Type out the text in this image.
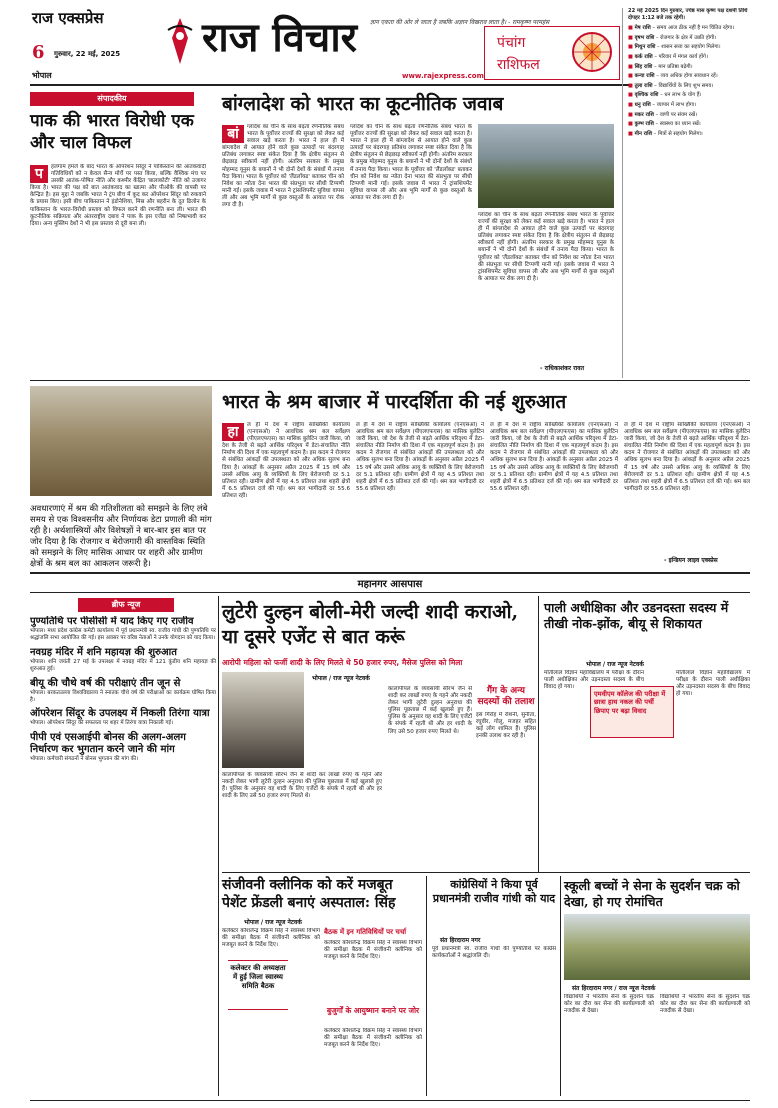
राज एक्सप्रेस
6 गुरुवार, 22 मई, 2025
भोपाल
राज विचार ज्ञान एकता की ओर ले जाता है जबकि अज्ञान विखराव लाता है। - रामकृष्ण परमहंस
www.rajexpress.com
पंचांग
राशिफल

22 मई 2025 दिन गुरुवार, ज्येष्ठ मास कृष्ण पक्ष दशमी तिथि दोपहर 1:12 बजे तक रहेगी।

■ मेष राशि – समय आज ठीक नहीं है मन चिंतित रहेगा।

■ वृषभ राशि – रोजगार के क्षेत्र में उन्नति होगी।

■ मिथुन राशि – शासन सत्ता का सहयोग मिलेगा।

■ कर्क राशि – परिवार में मंगल कार्य होंगे।

■ सिंह राशि – मान प्रतिष्ठा बढ़ेगी।

■ कन्या राशि – व्यय अधिक होगा सावधान रहें।

■ तुला राशि – विद्यार्थियों के लिए शुभ समय।

■ वृश्चिक राशि – धन लाभ के योग हैं।

■ धनु राशि – व्यापार में लाभ होगा।

■ मकर राशि – वाणी पर संयम रखें।

■ कुम्भ राशि – स्वास्थ्य का ध्यान रखें।

■ मीन राशि – मित्रों से सहयोग मिलेगा।

संपादकीय
पाक की भारत विरोधी एक और चाल विफल
प	हलगाम हमले के बाद भारत के ऑपरेशन सिंदूर ने पाकिस्तान की आतंकवादी गतिविधियों को न केवल सैन्य मोर्चे पर पस्त किया, बल्कि वैश्विक मंच पर उसकी आतंक-पोषित नीति और कश्मीर केंद्रित 'बालाकोटी' नीति को उजागर किया है। भारत की पक्ष को बात आतंकवाद का खात्मा और पीओके की वापसी पर केन्द्रित है। इस मुद्दा ने जबकि भारत ने ट्रंप बीच में कूद कर ऑपरेशन सिंदूर को रुकवाने के प्रयास किए। इसी बीच पाकिस्तान ने इंडोनेशिया, मिस्र और बहरीन के दूत ढिलोन के पाकिस्तान के भारत-विरोधी प्रस्ताव को विफल करने की रणनीति बना ली। भारत की कूटनीतिक सक्रियता और अंतरराष्ट्रीय दबाव ने पाक के इस एजेंडा को निष्प्रभावी कर दिया। अन्य मुस्लिम देशों ने भी इस प्रस्ताव से दूरी बना ली।
बांग्लादेश को भारत का कूटनीतिक जवाब
बां	ग्लादेश का चीन के साथ बढ़ता रणनीतिक संबंध भारत के पूर्वोत्तर राज्यों की सुरक्षा को लेकर कई सवाल खड़े करता है। भारत ने हाल ही में बांग्लादेश से आयात होने वाले कुछ उत्पादों पर बंदरगाह प्रतिबंध लगाकर स्पष्ट संकेत दिया है कि क्षेत्रीय संतुलन से छेड़छाड़ स्वीकार्य नहीं होगी। अंतरिम सरकार के प्रमुख मोहम्मद यूनुस के बयानों ने भी दोनों देशों के संबंधों में तनाव पैदा किया। भारत के पूर्वोत्तर को 'लैंडलॉक्ड' बताकर चीन को निवेश का न्योता देना भारत की संप्रभुता पर सीधी टिप्पणी मानी गई। इसके जवाब में भारत ने ट्रांसशिपमेंट सुविधा वापस ली और अब भूमि मार्गों से कुछ वस्तुओं के आयात पर रोक लगा दी है।
ग्लादेश का चीन के साथ बढ़ता रणनीतिक संबंध भारत के पूर्वोत्तर राज्यों की सुरक्षा को लेकर कई सवाल खड़े करता है। भारत ने हाल ही में बांग्लादेश से आयात होने वाले कुछ उत्पादों पर बंदरगाह प्रतिबंध लगाकर स्पष्ट संकेत दिया है कि क्षेत्रीय संतुलन से छेड़छाड़ स्वीकार्य नहीं होगी। अंतरिम सरकार के प्रमुख मोहम्मद यूनुस के बयानों ने भी दोनों देशों के संबंधों में तनाव पैदा किया। भारत के पूर्वोत्तर को 'लैंडलॉक्ड' बताकर चीन को निवेश का न्योता देना भारत की संप्रभुता पर सीधी टिप्पणी मानी गई। इसके जवाब में भारत ने ट्रांसशिपमेंट सुविधा वापस ली और अब भूमि मार्गों से कुछ वस्तुओं के आयात पर रोक लगा दी है।
ग्लादेश का चीन के साथ बढ़ता रणनीतिक संबंध भारत के पूर्वोत्तर राज्यों की सुरक्षा को लेकर कई सवाल खड़े करता है। भारत ने हाल ही में बांग्लादेश से आयात होने वाले कुछ उत्पादों पर बंदरगाह प्रतिबंध लगाकर स्पष्ट संकेत दिया है कि क्षेत्रीय संतुलन से छेड़छाड़ स्वीकार्य नहीं होगी। अंतरिम सरकार के प्रमुख मोहम्मद यूनुस के बयानों ने भी दोनों देशों के संबंधों में तनाव पैदा किया। भारत के पूर्वोत्तर को 'लैंडलॉक्ड' बताकर चीन को निवेश का न्योता देना भारत की संप्रभुता पर सीधी टिप्पणी मानी गई। इसके जवाब में भारत ने ट्रांसशिपमेंट सुविधा वापस ली और अब भूमि मार्गों से कुछ वस्तुओं के आयात पर रोक लगा दी है।
- राधिकाशंकर रावत
भारत के श्रम बाजार में पारदर्शिता की नई शुरुआत
अवधारणाएं में श्रम की गतिशीलता को समझने के लिए लंबे समय से एक विश्वसनीय और निर्णायक डेटा प्रणाली की मांग रही है। अर्थशास्त्रियों और विशेषज्ञों ने बार-बार इस बात पर जोर दिया है कि रोजगार व बेरोजगारी की वास्तविक स्थिति को समझने के लिए मासिक आधार पर शहरी और ग्रामीण क्षेत्रों के श्रम बल का आकलन जरूरी है।
हा	ल ही में देश में राष्ट्रीय सांख्यिकी कार्यालय (एनएसओ) ने आवधिक श्रम बल सर्वेक्षण (पीएलएफएस) का मासिक बुलेटिन जारी किया, जो देश के तेजी से बढ़ते आर्थिक परिदृश्य में डेटा-संचालित नीति निर्माण की दिशा में एक महत्वपूर्ण कदम है। इस कदम ने रोजगार से संबंधित आंकड़ों की उपलब्धता को और अधिक सुलभ बना दिया है। आंकड़ों के अनुसार अप्रैल 2025 में 15 वर्ष और उससे अधिक आयु के व्यक्तियों के लिए बेरोजगारी दर 5.1 प्रतिशत रही। ग्रामीण क्षेत्रों में यह 4.5 प्रतिशत तथा शहरी क्षेत्रों में 6.5 प्रतिशत दर्ज की गई। श्रम बल भागीदारी दर 55.6 प्रतिशत रही।
ल ही में देश में राष्ट्रीय सांख्यिकी कार्यालय (एनएसओ) ने आवधिक श्रम बल सर्वेक्षण (पीएलएफएस) का मासिक बुलेटिन जारी किया, जो देश के तेजी से बढ़ते आर्थिक परिदृश्य में डेटा-संचालित नीति निर्माण की दिशा में एक महत्वपूर्ण कदम है। इस कदम ने रोजगार से संबंधित आंकड़ों की उपलब्धता को और अधिक सुलभ बना दिया है। आंकड़ों के अनुसार अप्रैल 2025 में 15 वर्ष और उससे अधिक आयु के व्यक्तियों के लिए बेरोजगारी दर 5.1 प्रतिशत रही। ग्रामीण क्षेत्रों में यह 4.5 प्रतिशत तथा शहरी क्षेत्रों में 6.5 प्रतिशत दर्ज की गई। श्रम बल भागीदारी दर 55.6 प्रतिशत रही।
ल ही में देश में राष्ट्रीय सांख्यिकी कार्यालय (एनएसओ) ने आवधिक श्रम बल सर्वेक्षण (पीएलएफएस) का मासिक बुलेटिन जारी किया, जो देश के तेजी से बढ़ते आर्थिक परिदृश्य में डेटा-संचालित नीति निर्माण की दिशा में एक महत्वपूर्ण कदम है। इस कदम ने रोजगार से संबंधित आंकड़ों की उपलब्धता को और अधिक सुलभ बना दिया है। आंकड़ों के अनुसार अप्रैल 2025 में 15 वर्ष और उससे अधिक आयु के व्यक्तियों के लिए बेरोजगारी दर 5.1 प्रतिशत रही। ग्रामीण क्षेत्रों में यह 4.5 प्रतिशत तथा शहरी क्षेत्रों में 6.5 प्रतिशत दर्ज की गई। श्रम बल भागीदारी दर 55.6 प्रतिशत रही।
ल ही में देश में राष्ट्रीय सांख्यिकी कार्यालय (एनएसओ) ने आवधिक श्रम बल सर्वेक्षण (पीएलएफएस) का मासिक बुलेटिन जारी किया, जो देश के तेजी से बढ़ते आर्थिक परिदृश्य में डेटा-संचालित नीति निर्माण की दिशा में एक महत्वपूर्ण कदम है। इस कदम ने रोजगार से संबंधित आंकड़ों की उपलब्धता को और अधिक सुलभ बना दिया है। आंकड़ों के अनुसार अप्रैल 2025 में 15 वर्ष और उससे अधिक आयु के व्यक्तियों के लिए बेरोजगारी दर 5.1 प्रतिशत रही। ग्रामीण क्षेत्रों में यह 4.5 प्रतिशत तथा शहरी क्षेत्रों में 6.5 प्रतिशत दर्ज की गई। श्रम बल भागीदारी दर 55.6 प्रतिशत रही।
- इन्डियन लाइव एक्स्प्रेस
महानगर आसपास
ब्रीफ न्यूज
पुण्यतिथि पर पीसीसी में याद किए गए राजीव

भोपाल। मध्य प्रदेश कांग्रेस कमेटी कार्यालय में पूर्व प्रधानमंत्री स्व. राजीव गांधी की पुण्यतिथि पर श्रद्धांजलि सभा आयोजित की गई। इस अवसर पर वरिष्ठ नेताओं ने उनके योगदान को याद किया।

नवग्रह मंदिर में शनि महायज्ञ की शुरुआत

भोपाल। शनि जयंती 27 मई के उपलक्ष्य में नवग्रह मंदिर में 121 कुंडीय शनि महायज्ञ की शुरुआत हुई।

बीयू की चौथे वर्ष की परीक्षाएं तीन जून से

भोपाल। बरकतउल्ला विश्वविद्यालय ने स्नातक चौथे वर्ष की परीक्षाओं का कार्यक्रम घोषित किया है।

ऑपरेशन सिंदूर के उपलक्ष्य में निकली तिरंगा यात्रा

भोपाल। ऑपरेशन सिंदूर की सफलता पर शहर में तिरंगा यात्रा निकाली गई।

पीपी एवं एसआईपी बोनस की अलग-अलग निर्धारण कर भुगतान करने जाने की मांग

भोपाल। कर्मचारी संगठनों ने बोनस भुगतान की मांग की।

लुटेरी दुल्हन बोली-मेरी जल्दी शादी कराओ, या दूसरे एजेंट से बात करूं
आरोपी महिला को फर्जी शादी के लिए मिलते थे 50 हजार रुपए, मैसेज पुलिस को मिला
भोपाल / राज न्यूज नेटवर्क
कालापीपल के व्यवसायी सौरभ जैन से शादी कर लाखों रुपए के गहने और नकदी लेकर भागी लुटेरी दुल्हन अनुराधा की पुलिस पूछताछ में कई खुलासे हुए हैं। पुलिस के अनुसार वह शादी के लिए एजेंटों के संपर्क में रहती थी और हर शादी के लिए उसे 50 हजार रुपए मिलते थे।
कालापीपल के व्यवसायी सौरभ जैन से शादी कर लाखों रुपए के गहने और नकदी लेकर भागी लुटेरी दुल्हन अनुराधा की पुलिस पूछताछ में कई खुलासे हुए हैं। पुलिस के अनुसार वह शादी के लिए एजेंटों के संपर्क में रहती थी और हर शादी के लिए उसे 50 हजार रुपए मिलते थे।
गैंग के अन्य सदस्यों की तलाश
इस गिरोह में रोशनी, सुनीता, रघुवीर, गोलू, मजहर सहित कई लोग शामिल हैं। पुलिस इनकी तलाश कर रही है।
पाली अधीक्षिका और उडनदस्ता सदस्य में तीखी नोक-झोंक, बीयू से शिकायत
भोपाल / राज न्यूज नेटवर्क
मोतीलाल विज्ञान महाविद्यालय में परीक्षा के दौरान पाली अधीक्षिका और उड़नदस्ता सदस्य के बीच विवाद हो गया।
एमवीएम कॉलेज की परीक्षा में छात्रा हाथ नकल की पर्ची छिपाए पर बढ़ा विवाद
मोतीलाल विज्ञान महाविद्यालय में परीक्षा के दौरान पाली अधीक्षिका और उड़नदस्ता सदस्य के बीच विवाद हो गया।
संजीवनी क्लीनिक को करें मजबूत पेशेंट फ्रेंडली बनाएं अस्पताल: सिंह
भोपाल / राज न्यूज नेटवर्क
कलेक्टर कौशलेन्द्र विक्रम सिंह ने स्वास्थ्य विभाग की समीक्षा बैठक में संजीवनी क्लीनिक को मजबूत करने के निर्देश दिए।
कलेक्टर की अध्यक्षता में हुई जिला स्वास्थ्य समिति बैठक
बैठक में इन गतिविधियों पर चर्चा
कलेक्टर कौशलेन्द्र विक्रम सिंह ने स्वास्थ्य विभाग की समीक्षा बैठक में संजीवनी क्लीनिक को मजबूत करने के निर्देश दिए।
बुजुर्गों के आयुष्मान बनाने पर जोर
कलेक्टर कौशलेन्द्र विक्रम सिंह ने स्वास्थ्य विभाग की समीक्षा बैठक में संजीवनी क्लीनिक को मजबूत करने के निर्देश दिए।
कांग्रेसियों ने किया पूर्व प्रधानमंत्री राजीव गांधी को याद
संत हिरदाराम नगर
पूर्व प्रधानमंत्री स्व. राजीव गांधी की पुण्यतिथि पर कांग्रेस कार्यकर्ताओं ने श्रद्धांजलि दी।
स्कूली बच्चों ने सेना के सुदर्शन चक्र को देखा, हो गए रोमांचित
संत हिरदाराम नगर / राज न्यूज नेटवर्क
विद्यार्थियों ने भारतीय सेना के सुदर्शन चक्र कोर का दौरा कर सेना की कार्यप्रणाली को नजदीक से देखा।
विद्यार्थियों ने भारतीय सेना के सुदर्शन चक्र कोर का दौरा कर सेना की कार्यप्रणाली को नजदीक से देखा।
